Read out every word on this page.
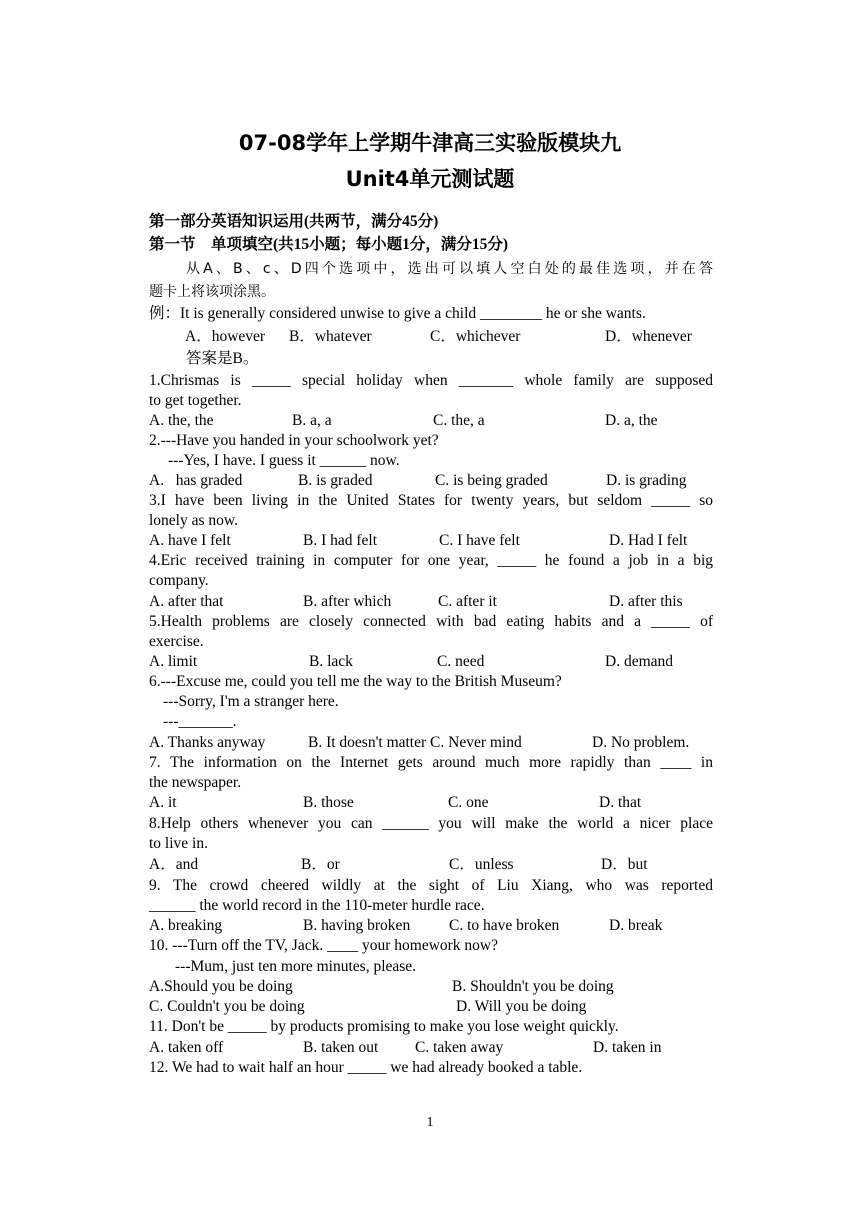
07-08学年上学期牛津高三实验版模块九
Unit4单元测试题
第一部分英语知识运用(共两节，满分45分)
第一节　单项填空(共15小题；每小题1分，满分15分)
从A、B、c、D四个选项中，选出可以填人空白处的最佳选项，并在答
题卡上将该项涂黑。
例：It is generally considered unwise to give a child ________ he or she wants.
A．however B．whatever	C．whichever	D．whenever
答案是B。
1.Chrismas is _____ special holiday when _______ whole family are supposed
to get together.
A. the, the	B. a, a	C. the, a	D. a, the
2.---Have you handed in your schoolwork yet?
---Yes, I have. I guess it ______ now.
A.   has graded	B. is graded	C. is being graded	D. is grading
3.I have been living in the United States for twenty years, but seldom _____ so
lonely as now.
A. have I felt	B. I had felt	C. I have felt	D. Had I felt
4.Eric received training in computer for one year, _____ he found a job in a big
company.
A. after that	B. after which	C. after it	D. after this
5.Health problems are closely connected with bad eating habits and a _____ of
exercise.
A. limit	B. lack	C. need	D. demand
6.---Excuse me, could you tell me the way to the British Museum?
---Sorry, I'm a stranger here.
---_______.
A. Thanks anyway	B. It doesn't matter C. Never mind	D. No problem.
7. The information on the Internet gets around much more rapidly than ____ in
the newspaper.
A. it	B. those	C. one	D. that
8.Help others whenever you can ______ you will make the world a nicer place
to live in.
A．and	B．or	C．unless	D．but
9. The crowd cheered wildly at the sight of Liu Xiang, who was reported
______ the world record in the 110-meter hurdle race.
A. breaking	B. having broken	C. to have broken	D. break
10. ---Turn off the TV, Jack. ____ your homework now?
---Mum, just ten more minutes, please.
A.Should you be doing	B. Shouldn't you be doing
C. Couldn't you be doing	D. Will you be doing
11. Don't be _____ by products promising to make you lose weight quickly.
A. taken off	B. taken out C. taken away	D. taken in
12. We had to wait half an hour _____ we had already booked a table.
1
